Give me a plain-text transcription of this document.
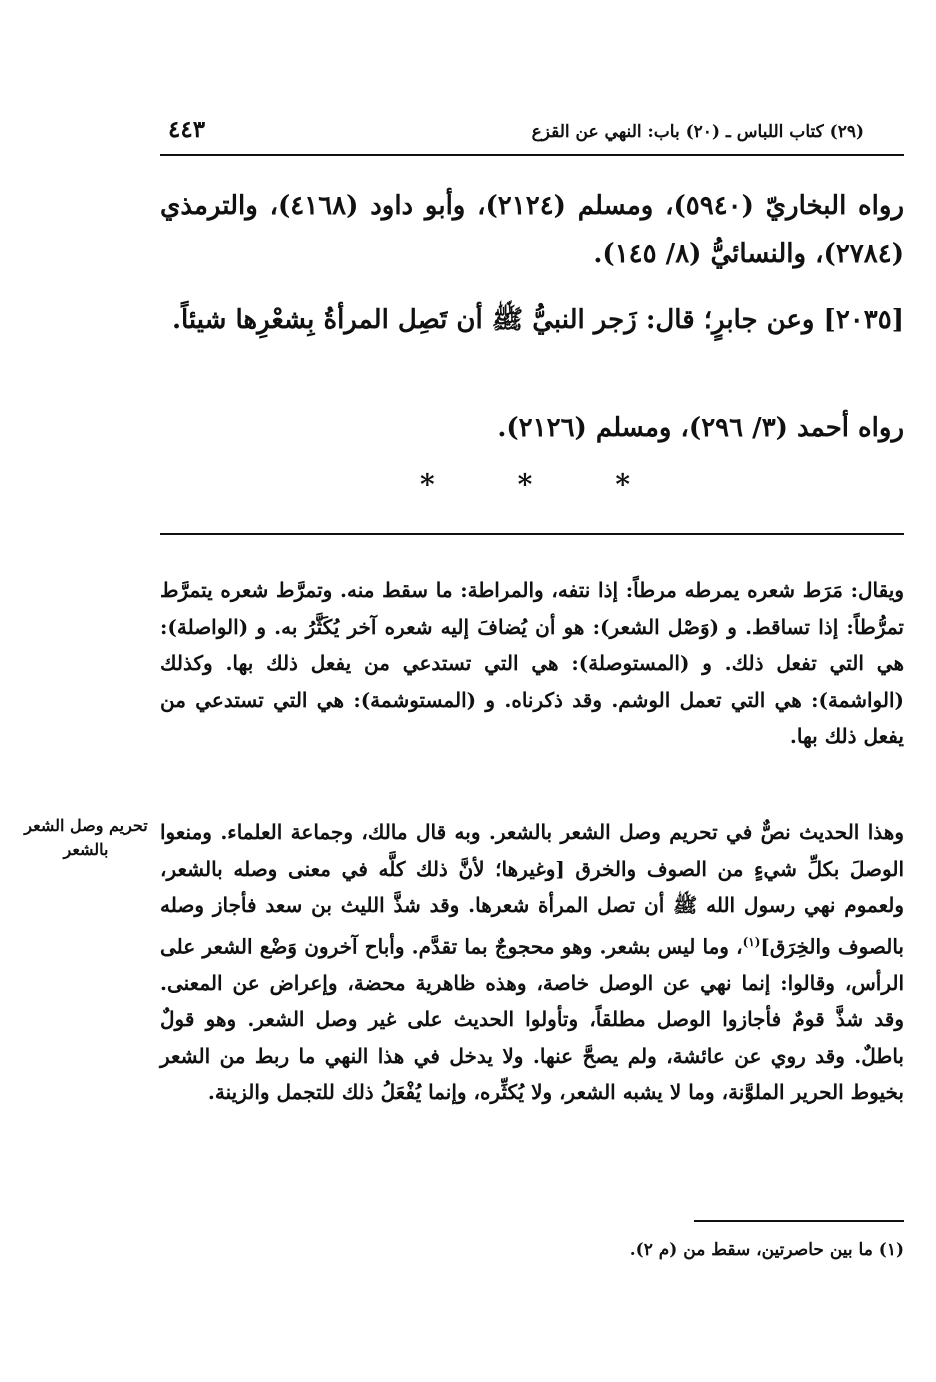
(٢٩) كتاب اللباس ـ (٢٠) باب: النهي عن القزع
٤٤٣
رواه البخاريّ (٥٩٤٠)، ومسلم (٢١٢٤)، وأبو داود (٤١٦٨)، والترمذي (٢٧٨٤)، والنسائيُّ (٨/ ١٤٥).
[٢٠٣٥] وعن جابرٍ؛ قال: زَجر النبيُّ ﷺ أن تَصِل المرأةُ بِشعْرِها شيئاً.
رواه أحمد (٣/ ٢٩٦)، ومسلم (٢١٢٦).
*
*
*
ويقال: مَرَط شعره يمرطه مرطاً: إذا نتفه، والمراطة: ما سقط منه. وتمرَّط شعره يتمرَّط تمرُّطاً: إذا تساقط. و (وَصْل الشعر): هو أن يُضافَ إليه شعره آخر يُكَثَّرُ به. و (الواصلة): هي التي تفعل ذلك. و (المستوصلة): هي التي تستدعي من يفعل ذلك بها. وكذلك (الواشمة): هي التي تعمل الوشم. وقد ذكرناه. و (المستوشمة): هي التي تستدعي من يفعل ذلك بها.
تحريم وصل الشعر بالشعر
وهذا الحديث نصٌّ في تحريم وصل الشعر بالشعر. وبه قال مالك، وجماعة العلماء. ومنعوا الوصلَ بكلِّ شيءٍ من الصوف والخرق [وغيرها؛ لأنَّ ذلك كلَّه في معنى وصله بالشعر، ولعموم نهي رسول الله ﷺ أن تصل المرأة شعرها. وقد شذَّ الليث بن سعد فأجاز وصله بالصوف والخِرَق]$^{(١)}$، وما ليس بشعر. وهو محجوجٌ بما تقدَّم. وأباح آخرون وَضْع الشعر على الرأس، وقالوا: إنما نهي عن الوصل خاصة، وهذه ظاهرية محضة، وإعراض عن المعنى. وقد شذَّ قومٌ فأجازوا الوصل مطلقاً، وتأولوا الحديث على غير وصل الشعر. وهو قولٌ باطلٌ. وقد روي عن عائشة، ولم يصحَّ عنها. ولا يدخل في هذا النهي ما ربط من الشعر بخيوط الحرير الملوَّنة، وما لا يشبه الشعر، ولا يُكثِّره، وإنما يُفْعَلُ ذلك للتجمل والزينة.
(١) ما بين حاصرتين، سقط من (م ٢).
